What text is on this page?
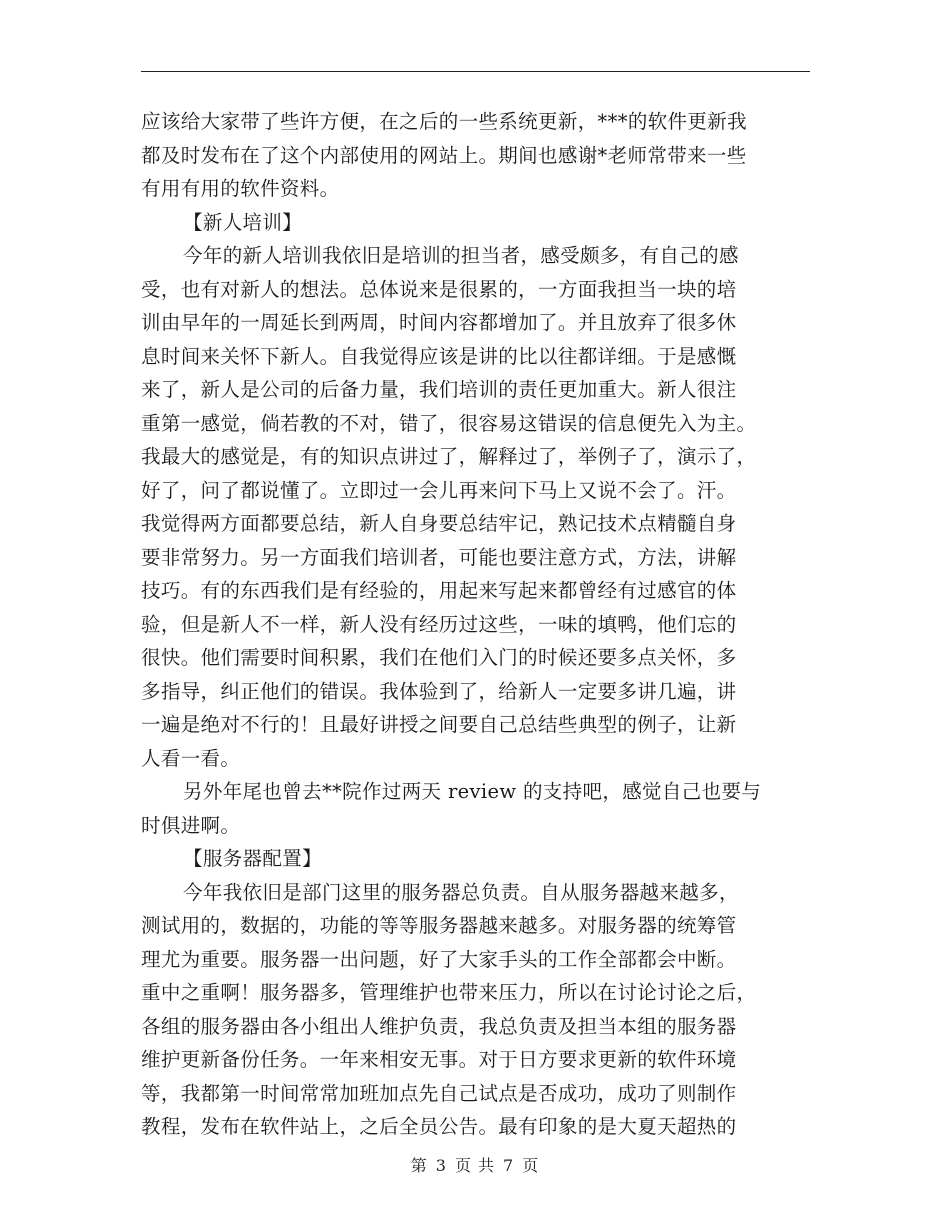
应该给大家带了些许方便，在之后的一些系统更新，***的软件更新我
都及时发布在了这个内部使用的网站上。期间也感谢*老师常带来一些
有用有用的软件资料。
【新人培训】
今年的新人培训我依旧是培训的担当者，感受颇多，有自己的感
受，也有对新人的想法。总体说来是很累的，一方面我担当一块的培
训由早年的一周延长到两周，时间内容都增加了。并且放弃了很多休
息时间来关怀下新人。自我觉得应该是讲的比以往都详细。于是感慨
来了，新人是公司的后备力量，我们培训的责任更加重大。新人很注
重第一感觉，倘若教的不对，错了，很容易这错误的信息便先入为主。
我最大的感觉是，有的知识点讲过了，解释过了，举例子了，演示了，
好了，问了都说懂了。立即过一会儿再来问下马上又说不会了。汗。
我觉得两方面都要总结，新人自身要总结牢记，熟记技术点精髓自身
要非常努力。另一方面我们培训者，可能也要注意方式，方法，讲解
技巧。有的东西我们是有经验的，用起来写起来都曾经有过感官的体
验，但是新人不一样，新人没有经历过这些，一味的填鸭，他们忘的
很快。他们需要时间积累，我们在他们入门的时候还要多点关怀，多
多指导，纠正他们的错误。我体验到了，给新人一定要多讲几遍，讲
一遍是绝对不行的！且最好讲授之间要自己总结些典型的例子，让新
人看一看。
另外年尾也曾去**院作过两天 review 的支持吧，感觉自己也要与
时俱进啊。
【服务器配置】
今年我依旧是部门这里的服务器总负责。自从服务器越来越多，
测试用的，数据的，功能的等等服务器越来越多。对服务器的统筹管
理尤为重要。服务器一出问题，好了大家手头的工作全部都会中断。
重中之重啊！服务器多，管理维护也带来压力，所以在讨论讨论之后，
各组的服务器由各小组出人维护负责，我总负责及担当本组的服务器
维护更新备份任务。一年来相安无事。对于日方要求更新的软件环境
等，我都第一时间常常加班加点先自己试点是否成功，成功了则制作
教程，发布在软件站上，之后全员公告。最有印象的是大夏天超热的
第 3 页 共 7 页
